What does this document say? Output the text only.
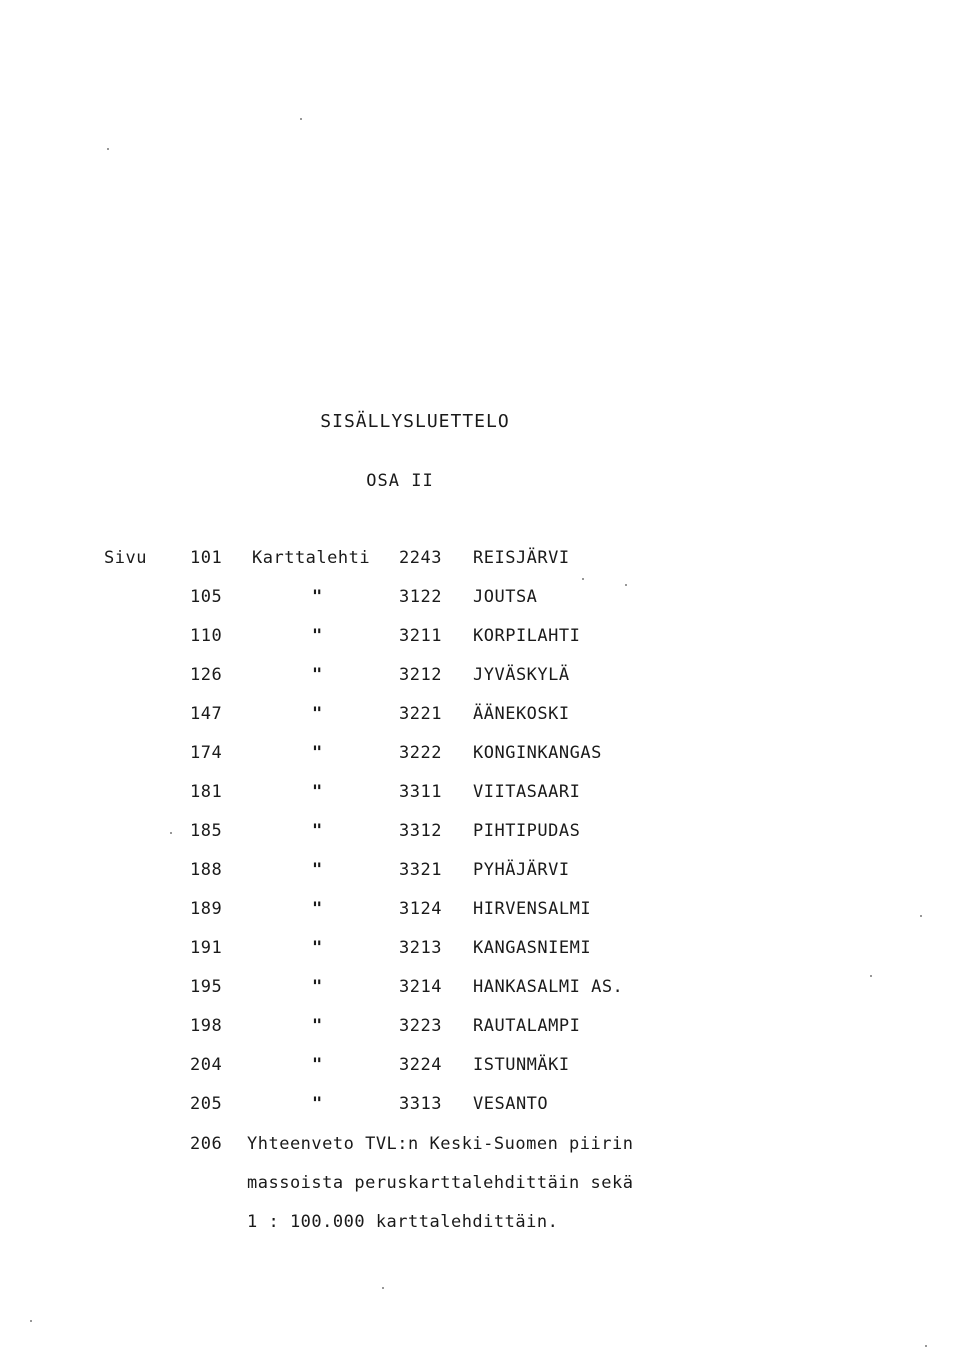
SISÄLLYSLUETTELO
OSA II
Sivu	101 Karttalehti 2243 REISJÄRVI
105	"	3122 JOUTSA
110	"	3211 KORPILAHTI
126	"	3212 JYVÄSKYLÄ
147	"	3221 ÄÄNEKOSKI
174	"	3222 KONGINKANGAS
181	"	3311 VIITASAARI
185	"	3312 PIHTIPUDAS
188	"	3321 PYHÄJÄRVI
189	"	3124 HIRVENSALMI
191	"	3213 KANGASNIEMI
195	"	3214 HANKASALMI AS.
198	"	3223 RAUTALAMPI
204	"	3224 ISTUNMÄKI
205	"	3313 VESANTO
206 Yhteenveto TVL:n Keski-Suomen piirin
massoista peruskarttalehdittäin sekä
1 : 100.000 karttalehdittäin.
